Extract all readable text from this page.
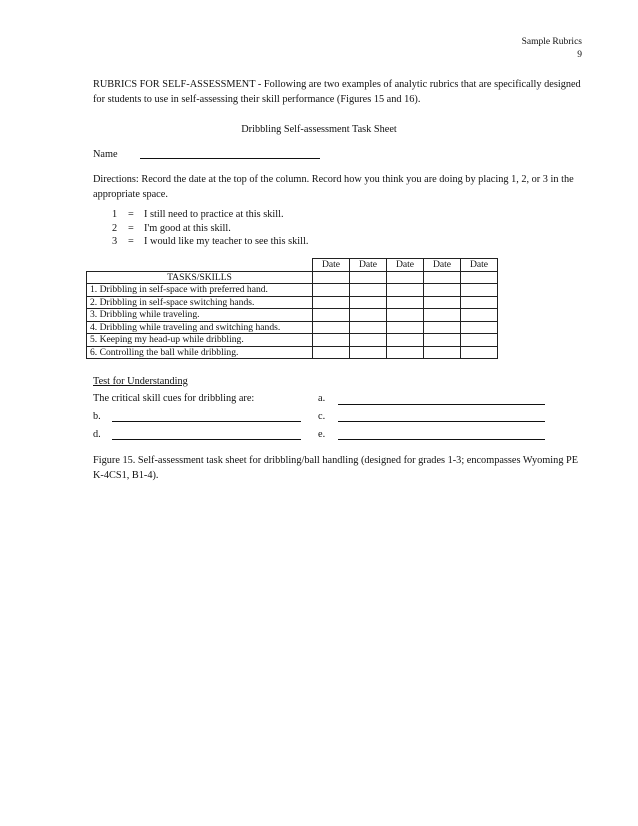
Sample Rubrics
9
RUBRICS FOR SELF-ASSESSMENT - Following are two examples of analytic rubrics that are specifically designed for students to use in self-assessing their skill performance (Figures 15 and 16).
Dribbling Self-assessment Task Sheet
Name
Directions: Record the date at the top of the column. Record how you think you are doing by placing 1, 2, or 3 in the appropriate space.
1	= I still need to practice at this skill.
2	= I'm good at this skill.
3	= I would like my teacher to see this skill.
	Date	Date	Date	Date	Date
TASKS/SKILLS					
1. Dribbling in self-space with preferred hand.					
2. Dribbling in self-space switching hands.					
3. Dribbling while traveling.					
4. Dribbling while traveling and switching hands.					
5. Keeping my head-up while dribbling.					
6. Controlling the ball while dribbling.					
Test for Understanding
The critical skill cues for dribbling are:	a.
b.	c.
d.	e.
Figure 15. Self-assessment task sheet for dribbling/ball handling (designed for grades 1-3; encompasses Wyoming PE K-4CS1, B1-4).
